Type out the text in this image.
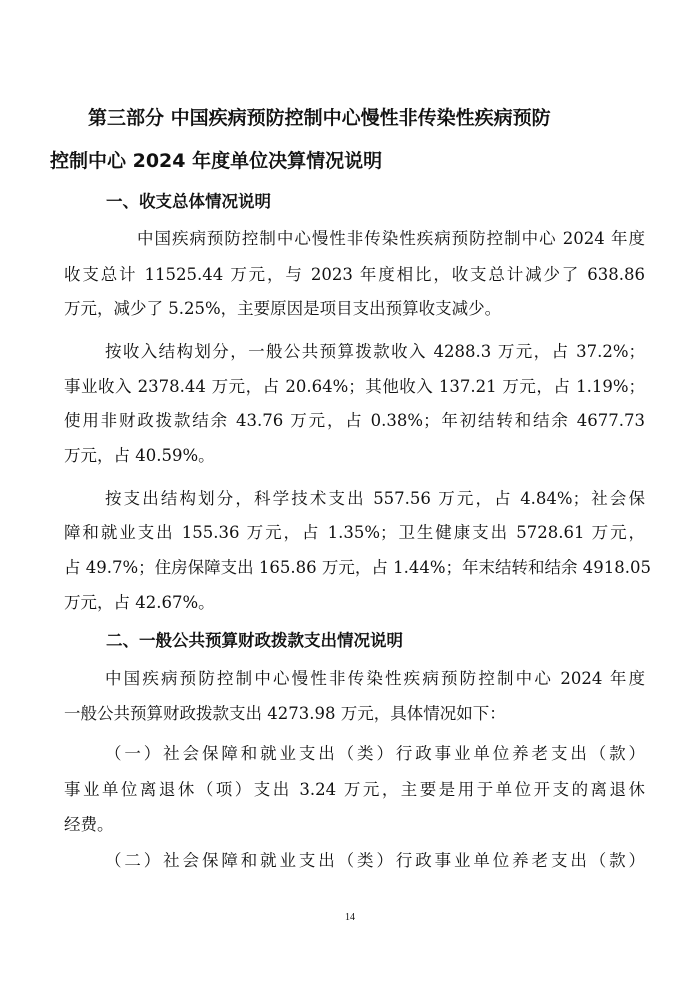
第三部分 中国疾病预防控制中心慢性非传染性疾病预防
控制中心 2024 年度单位决算情况说明
一、收支总体情况说明
中国疾病预防控制中心慢性非传染性疾病预防控制中心 2024 年度
收支总计 11525.44 万元，与 2023 年度相比，收支总计减少了 638.86
万元，减少了 5.25%，主要原因是项目支出预算收支减少。
按收入结构划分，一般公共预算拨款收入 4288.3 万元，占 37.2%；
事业收入 2378.44 万元，占 20.64%；其他收入 137.21 万元，占 1.19%；
使用非财政拨款结余 43.76 万元，占 0.38%；年初结转和结余 4677.73
万元，占 40.59%。
按支出结构划分，科学技术支出 557.56 万元，占 4.84%；社会保
障和就业支出 155.36 万元，占 1.35%；卫生健康支出 5728.61 万元，
占 49.7%；住房保障支出 165.86 万元，占 1.44%；年末结转和结余 4918.05
万元，占 42.67%。
二、一般公共预算财政拨款支出情况说明
中国疾病预防控制中心慢性非传染性疾病预防控制中心 2024 年度
一般公共预算财政拨款支出 4273.98 万元，具体情况如下：
（一）社会保障和就业支出（类）行政事业单位养老支出（款）
事业单位离退休（项）支出 3.24 万元，主要是用于单位开支的离退休
经费。
（二）社会保障和就业支出（类）行政事业单位养老支出（款）
14
